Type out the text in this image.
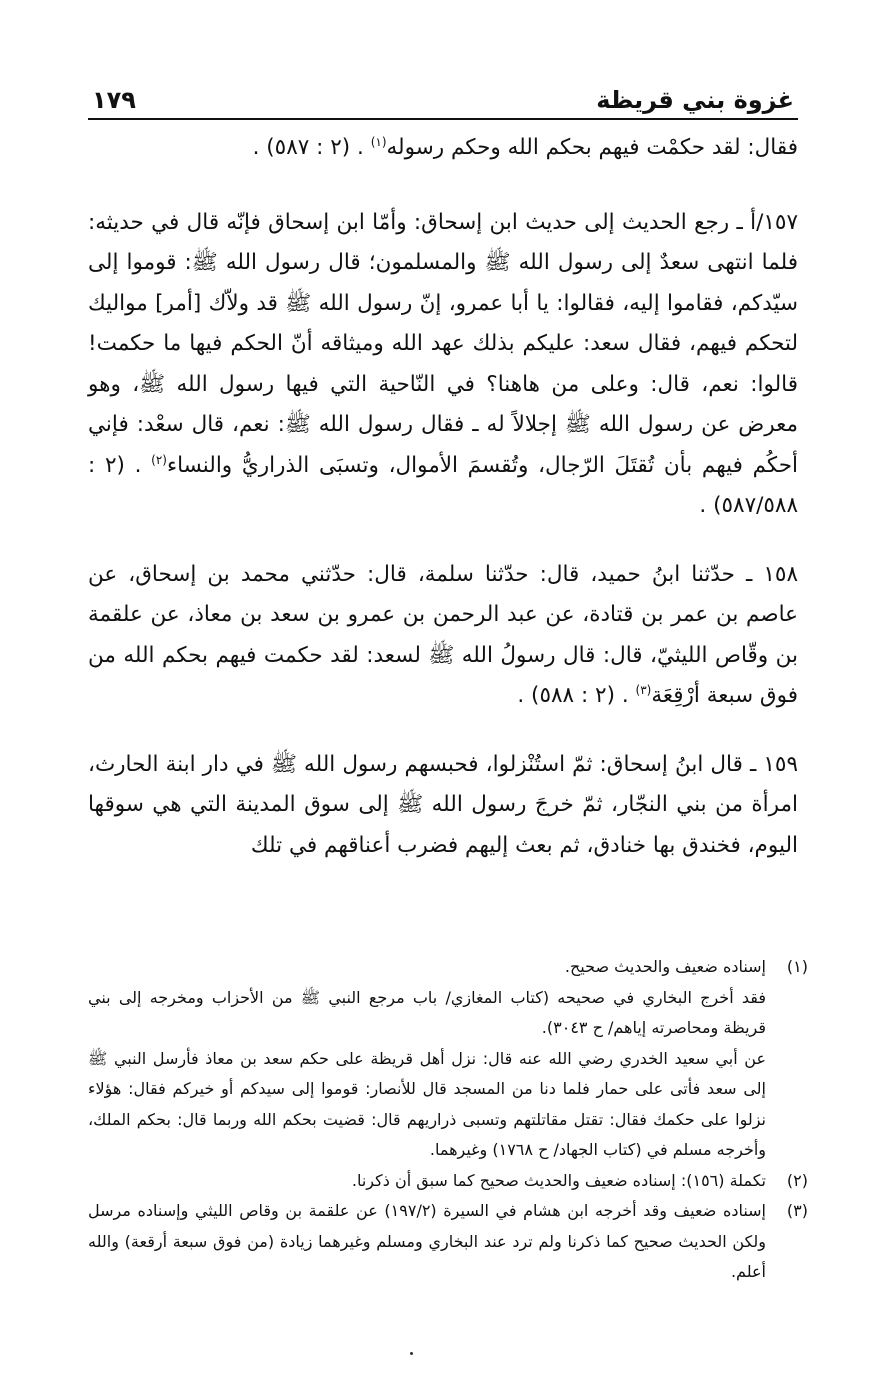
غزوة بني قريظة
١٧٩

فقال: لقد حكمْت فيهم بحكم الله وحكم رسوله$^{(١)}$ . (٢ : ٥٨٧) .

١٥٧/أ ـ رجع الحديث إلى حديث ابن إسحاق: وأمّا ابن إسحاق فإنّه قال في حديثه: فلما انتهى سعدٌ إلى رسول الله ﷺ والمسلمون؛ قال رسول الله ﷺ: قوموا إلى سيّدكم، فقاموا إليه، فقالوا: يا أبا عمرو، إنّ رسول الله ﷺ قد ولاّك [أمر] مواليك لتحكم فيهم، فقال سعد: عليكم بذلك عهد الله وميثاقه أنّ الحكم فيها ما حكمت! قالوا: نعم، قال: وعلى من هاهنا؟ في النّاحية التي فيها رسول الله ﷺ، وهو معرض عن رسول الله ﷺ إجلالاً له ـ فقال رسول الله ﷺ: نعم، قال سعْد: فإني أحكُم فيهم بأن تُقتَلَ الرّجال، وتُقسمَ الأموال، وتسبَى الذراريُّ والنساء$^{(٢)}$ . (٢ : ٥٨٧/٥٨٨) .

١٥٨ ـ حدّثنا ابنُ حميد، قال: حدّثنا سلمة، قال: حدّثني محمد بن إسحاق، عن عاصم بن عمر بن قتادة، عن عبد الرحمن بن عمرو بن سعد بن معاذ، عن علقمة بن وقّاص الليثيّ، قال: قال رسولُ الله ﷺ لسعد: لقد حكمت فيهم بحكم الله من فوق سبعة أرْقِعَة$^{(٣)}$ . (٢ : ٥٨٨) .

١٥٩ ـ قال ابنُ إسحاق: ثمّ استُنْزلوا، فحبسهم رسول الله ﷺ في دار ابنة الحارث، امرأة من بني النجّار، ثمّ خرجَ رسول الله ﷺ إلى سوق المدينة التي هي سوقها اليوم، فخندق بها خنادق، ثم بعث إليهم فضرب أعناقهم في تلك

(١)

إسناده ضعيف والحديث صحيح.

فقد أخرج البخاري في صحيحه (كتاب المغازي/ باب مرجع النبي ﷺ من الأحزاب ومخرجه إلى بني قريظة ومحاصرته إياهم/ ح ٣٠٤٣).

عن أبي سعيد الخدري رضي الله عنه قال: نزل أهل قريظة على حكم سعد بن معاذ فأرسل النبي ﷺ إلى سعد فأتى على حمار فلما دنا من المسجد قال للأنصار: قوموا إلى سيدكم أو خيركم فقال: هؤلاء نزلوا على حكمك فقال: تقتل مقاتلتهم وتسبى ذراريهم قال: قضيت بحكم الله وربما قال: بحكم الملك، وأخرجه مسلم في (كتاب الجهاد/ ح ١٧٦٨) وغيرهما.

(٢)

تكملة (١٥٦): إسناده ضعيف والحديث صحيح كما سبق أن ذكرنا.

(٣)

إسناده ضعيف وقد أخرجه ابن هشام في السيرة (١٩٧/٢) عن علقمة بن وقاص الليثي وإسناده مرسل ولكن الحديث صحيح كما ذكرنا ولم ترد عند البخاري ومسلم وغيرهما زيادة (من فوق سبعة أرقعة) والله أعلم.
